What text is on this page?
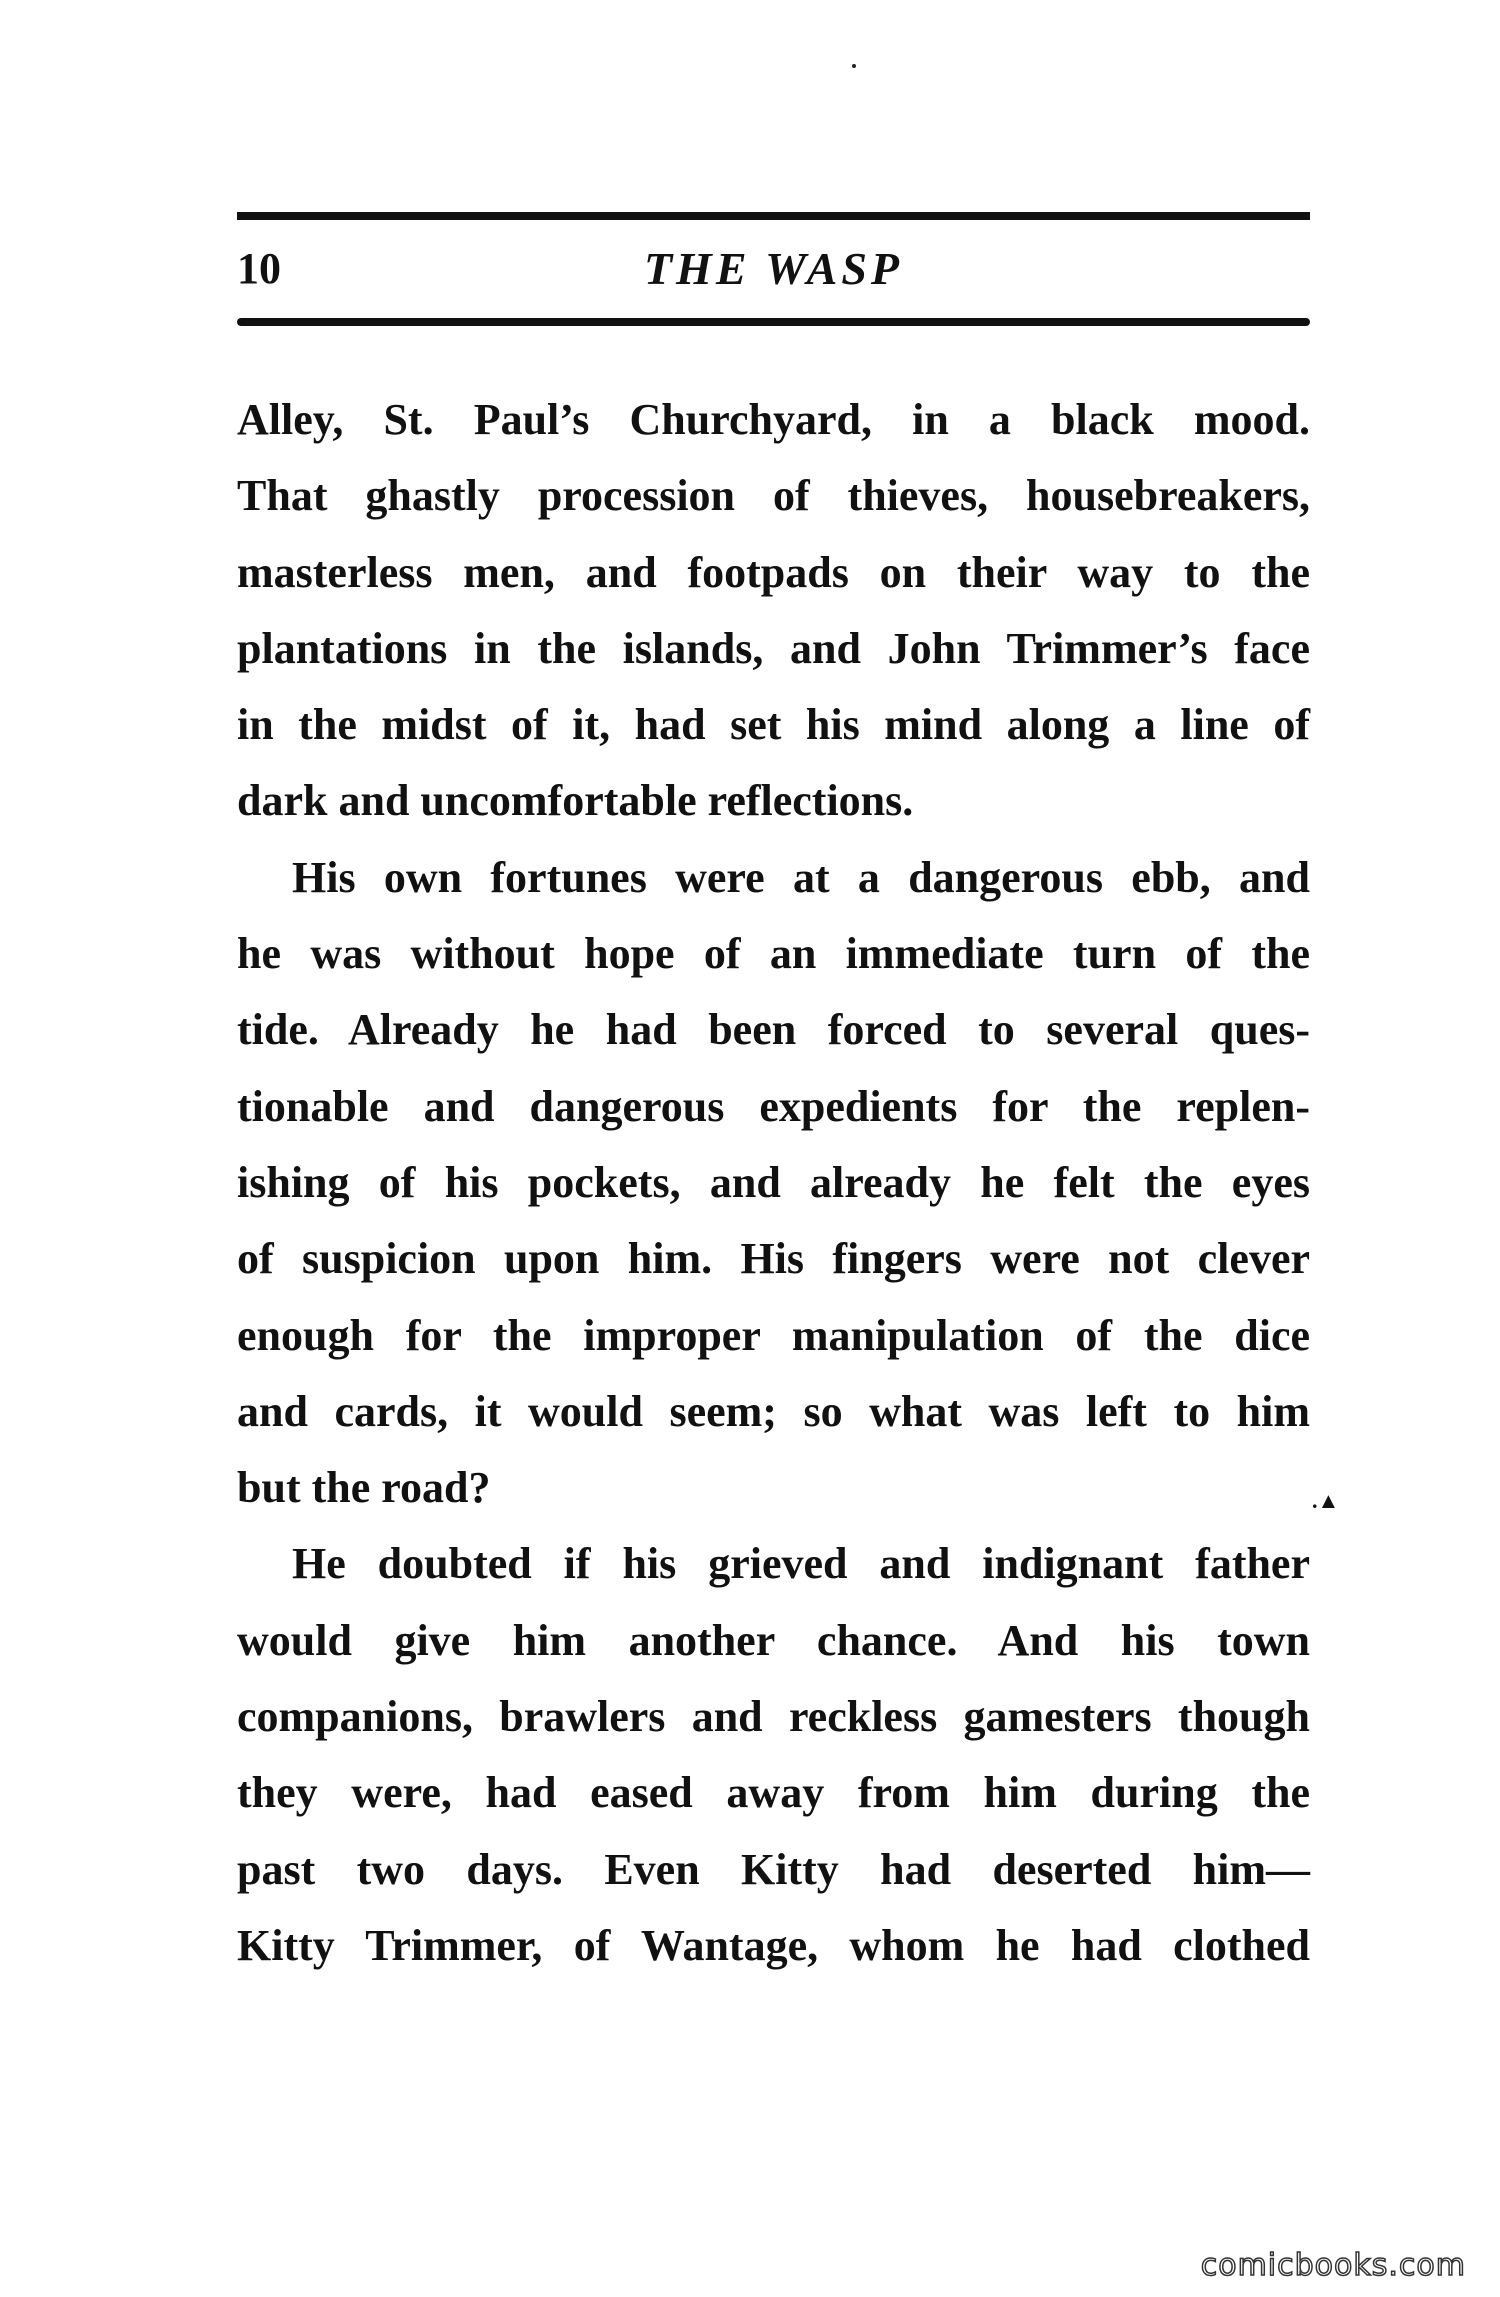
10	THE WASP

Alley, St. Paul’s Churchyard, in a black mood.
That ghastly procession of thieves, housebreakers,
masterless men, and footpads on their way to the
plantations in the islands, and John Trimmer’s face
in the midst of it, had set his mind along a line of
dark and uncomfortable reflections.

His own fortunes were at a dangerous ebb, and
he was without hope of an immediate turn of the
tide. Already he had been forced to several ques-
tionable and dangerous expedients for the replen-
ishing of his pockets, and already he felt the eyes
of suspicion upon him. His fingers were not clever
enough for the improper manipulation of the dice
and cards, it would seem; so what was left to him
but the road?

He doubted if his grieved and indignant father
would give him another chance. And his town
companions, brawlers and reckless gamesters though
they were, had eased away from him during the
past two days. Even Kitty had deserted him—
Kitty Trimmer, of Wantage, whom he had clothed

.▲
comicbooks.com
